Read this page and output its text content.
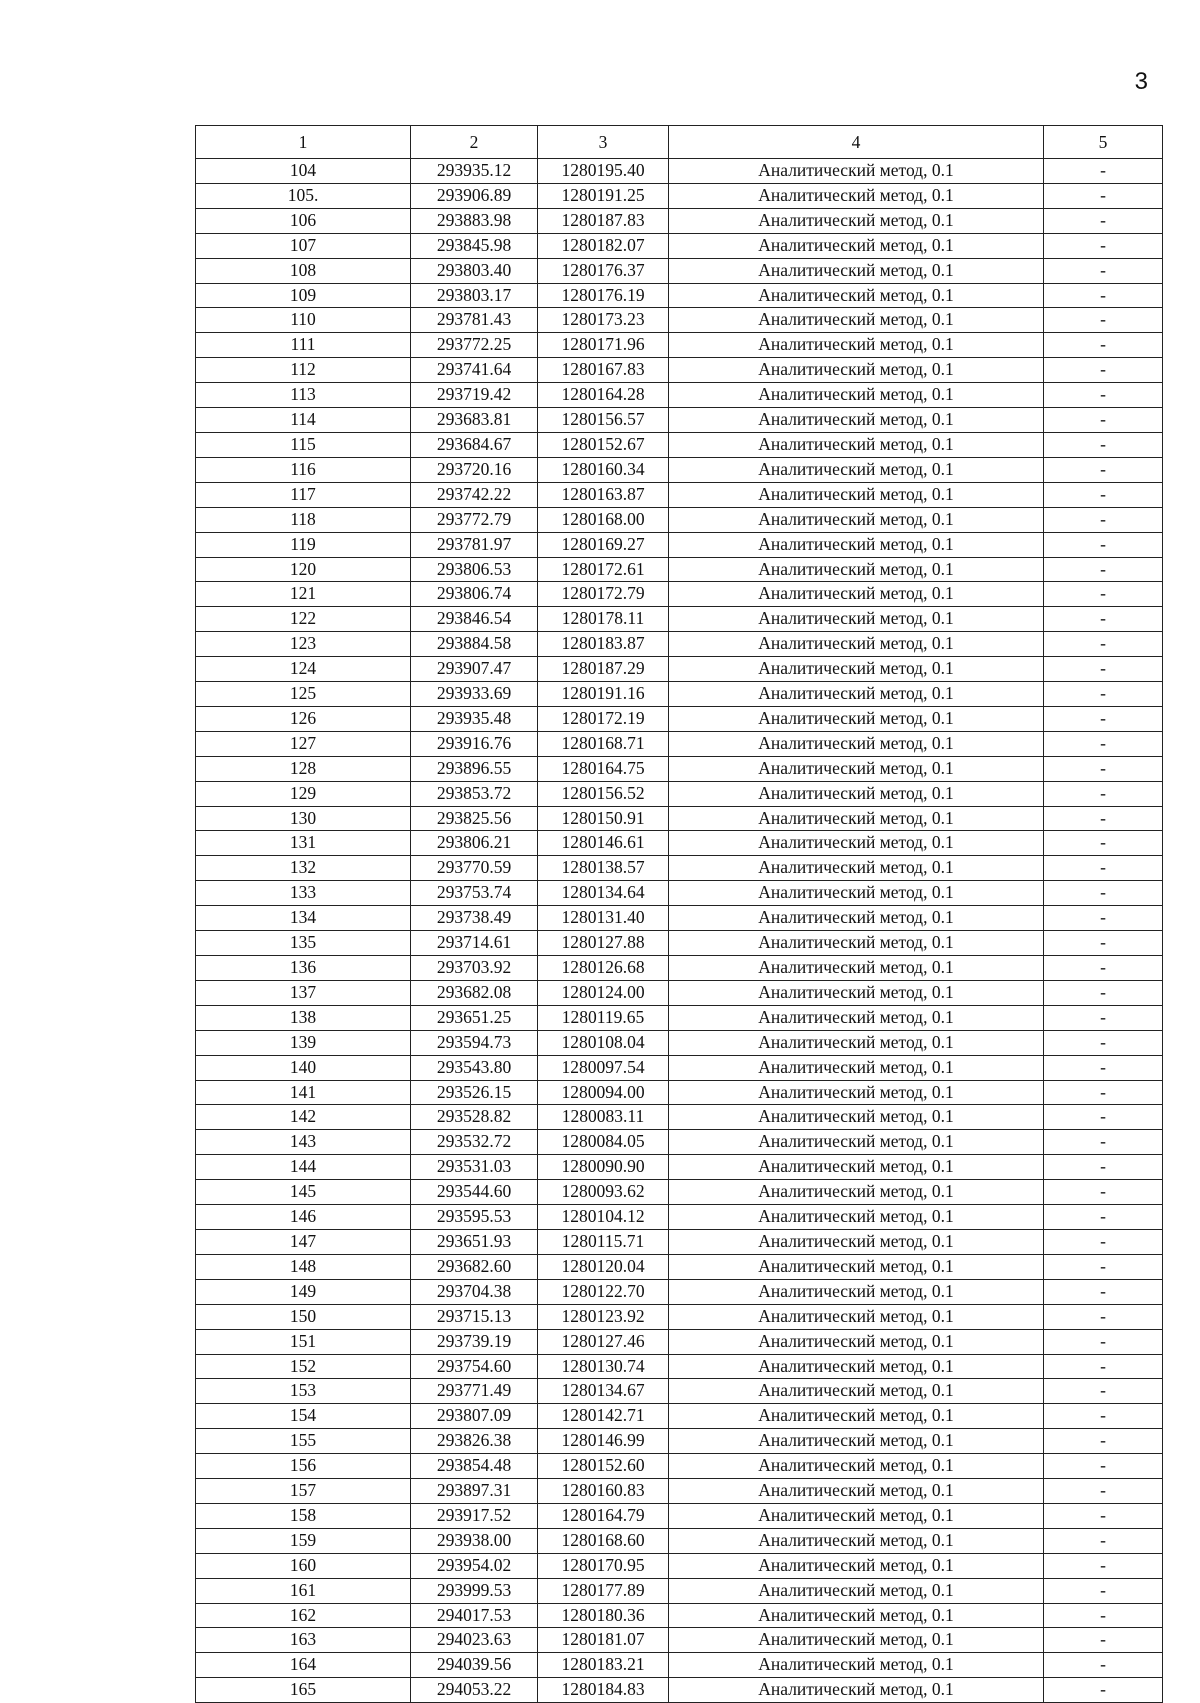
3
1	2	3	4	5
104	293935.12	1280195.40	Аналитический метод, 0.1	-
105.	293906.89	1280191.25	Аналитический метод, 0.1	-
106	293883.98	1280187.83	Аналитический метод, 0.1	-
107	293845.98	1280182.07	Аналитический метод, 0.1	-
108	293803.40	1280176.37	Аналитический метод, 0.1	-
109	293803.17	1280176.19	Аналитический метод, 0.1	-
110	293781.43	1280173.23	Аналитический метод, 0.1	-
111	293772.25	1280171.96	Аналитический метод, 0.1	-
112	293741.64	1280167.83	Аналитический метод, 0.1	-
113	293719.42	1280164.28	Аналитический метод, 0.1	-
114	293683.81	1280156.57	Аналитический метод, 0.1	-
115	293684.67	1280152.67	Аналитический метод, 0.1	-
116	293720.16	1280160.34	Аналитический метод, 0.1	-
117	293742.22	1280163.87	Аналитический метод, 0.1	-
118	293772.79	1280168.00	Аналитический метод, 0.1	-
119	293781.97	1280169.27	Аналитический метод, 0.1	-
120	293806.53	1280172.61	Аналитический метод, 0.1	-
121	293806.74	1280172.79	Аналитический метод, 0.1	-
122	293846.54	1280178.11	Аналитический метод, 0.1	-
123	293884.58	1280183.87	Аналитический метод, 0.1	-
124	293907.47	1280187.29	Аналитический метод, 0.1	-
125	293933.69	1280191.16	Аналитический метод, 0.1	-
126	293935.48	1280172.19	Аналитический метод, 0.1	-
127	293916.76	1280168.71	Аналитический метод, 0.1	-
128	293896.55	1280164.75	Аналитический метод, 0.1	-
129	293853.72	1280156.52	Аналитический метод, 0.1	-
130	293825.56	1280150.91	Аналитический метод, 0.1	-
131	293806.21	1280146.61	Аналитический метод, 0.1	-
132	293770.59	1280138.57	Аналитический метод, 0.1	-
133	293753.74	1280134.64	Аналитический метод, 0.1	-
134	293738.49	1280131.40	Аналитический метод, 0.1	-
135	293714.61	1280127.88	Аналитический метод, 0.1	-
136	293703.92	1280126.68	Аналитический метод, 0.1	-
137	293682.08	1280124.00	Аналитический метод, 0.1	-
138	293651.25	1280119.65	Аналитический метод, 0.1	-
139	293594.73	1280108.04	Аналитический метод, 0.1	-
140	293543.80	1280097.54	Аналитический метод, 0.1	-
141	293526.15	1280094.00	Аналитический метод, 0.1	-
142	293528.82	1280083.11	Аналитический метод, 0.1	-
143	293532.72	1280084.05	Аналитический метод, 0.1	-
144	293531.03	1280090.90	Аналитический метод, 0.1	-
145	293544.60	1280093.62	Аналитический метод, 0.1	-
146	293595.53	1280104.12	Аналитический метод, 0.1	-
147	293651.93	1280115.71	Аналитический метод, 0.1	-
148	293682.60	1280120.04	Аналитический метод, 0.1	-
149	293704.38	1280122.70	Аналитический метод, 0.1	-
150	293715.13	1280123.92	Аналитический метод, 0.1	-
151	293739.19	1280127.46	Аналитический метод, 0.1	-
152	293754.60	1280130.74	Аналитический метод, 0.1	-
153	293771.49	1280134.67	Аналитический метод, 0.1	-
154	293807.09	1280142.71	Аналитический метод, 0.1	-
155	293826.38	1280146.99	Аналитический метод, 0.1	-
156	293854.48	1280152.60	Аналитический метод, 0.1	-
157	293897.31	1280160.83	Аналитический метод, 0.1	-
158	293917.52	1280164.79	Аналитический метод, 0.1	-
159	293938.00	1280168.60	Аналитический метод, 0.1	-
160	293954.02	1280170.95	Аналитический метод, 0.1	-
161	293999.53	1280177.89	Аналитический метод, 0.1	-
162	294017.53	1280180.36	Аналитический метод, 0.1	-
163	294023.63	1280181.07	Аналитический метод, 0.1	-
164	294039.56	1280183.21	Аналитический метод, 0.1	-
165	294053.22	1280184.83	Аналитический метод, 0.1	-
